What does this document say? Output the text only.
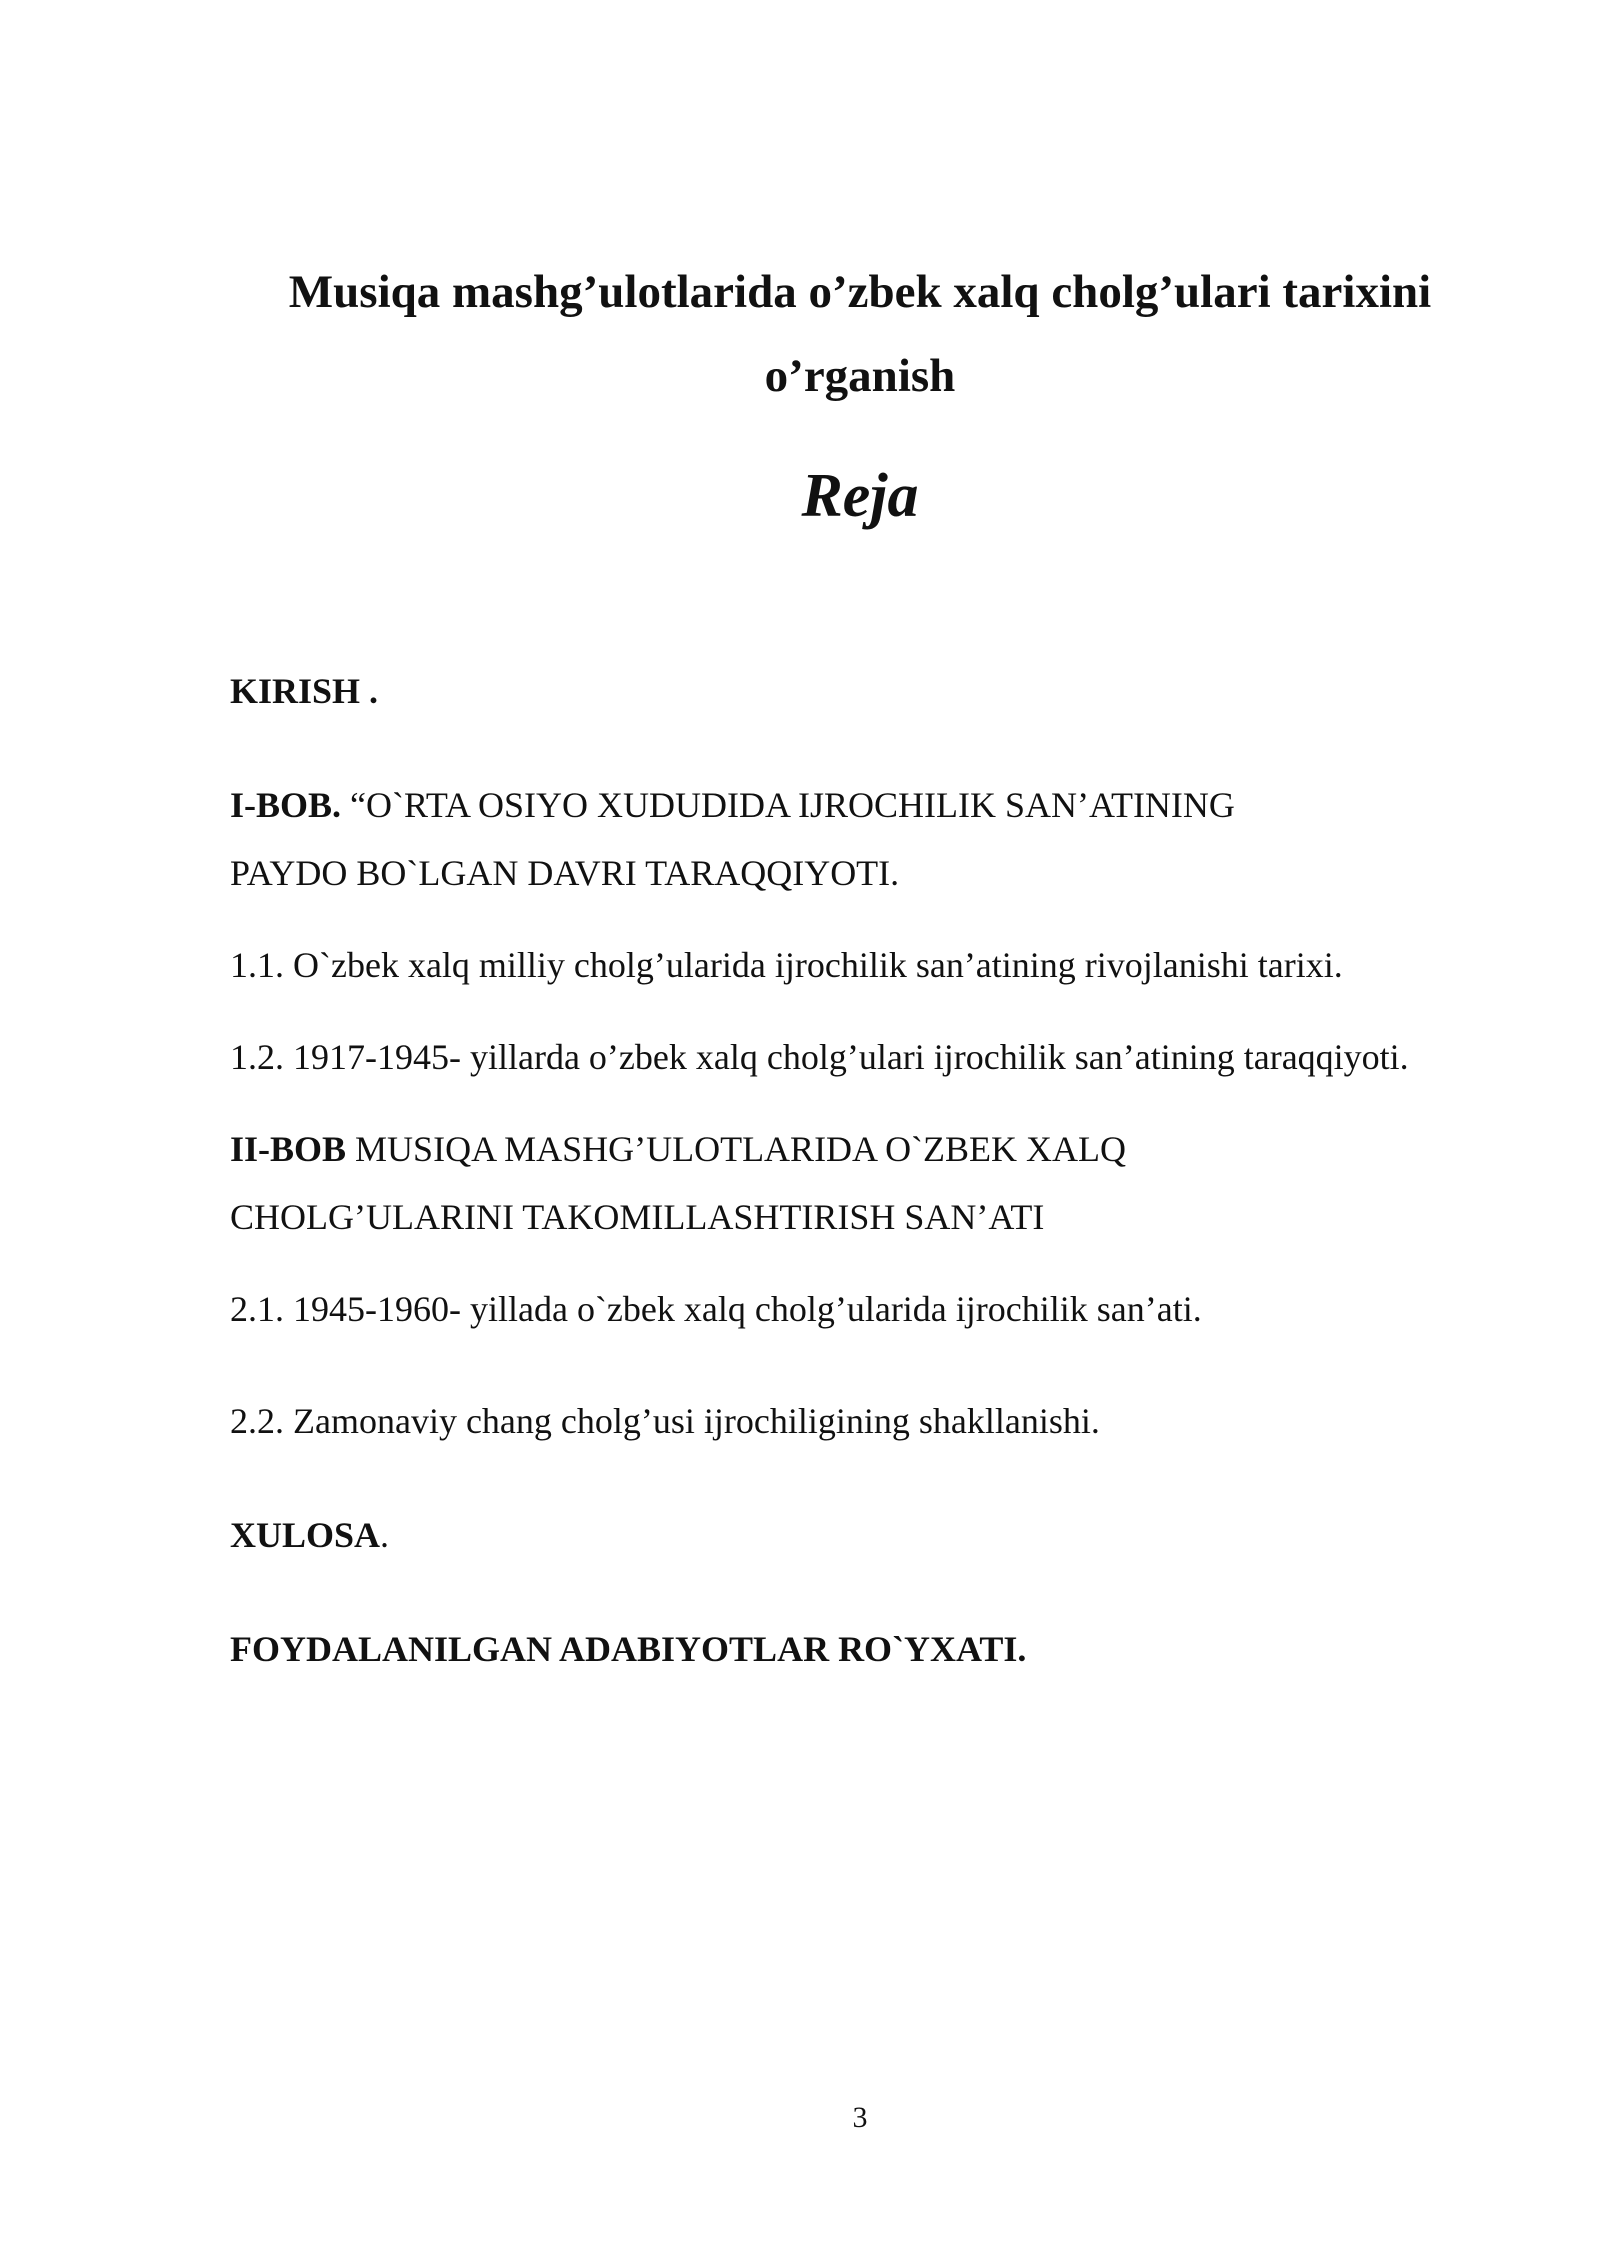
Musiqa mashg’ulotlarida o’zbek xalq cholg’ulari tarixini

o’rganish

Reja

KIRISH .

I-BOB. “O`RTA OSIYO XUDUDIDA IJROCHILIK SAN’ATINING

PAYDO BO`LGAN DAVRI TARAQQIYOTI.

1.1. O`zbek xalq milliy cholg’ularida ijrochilik san’atining rivojlanishi tarixi.

1.2. 1917-1945- yillarda o’zbek xalq cholg’ulari ijrochilik san’atining taraqqiyoti.

II-BOB MUSIQA MASHG’ULOTLARIDA O`ZBEK XALQ

CHOLG’ULARINI TAKOMILLASHTIRISH SAN’ATI

2.1. 1945-1960- yillada o`zbek xalq cholg’ularida ijrochilik san’ati.

2.2. Zamonaviy chang cholg’usi ijrochiligining shakllanishi.

XULOSA.

FOYDALANILGAN ADABIYOTLAR RO`YXATI.

3
